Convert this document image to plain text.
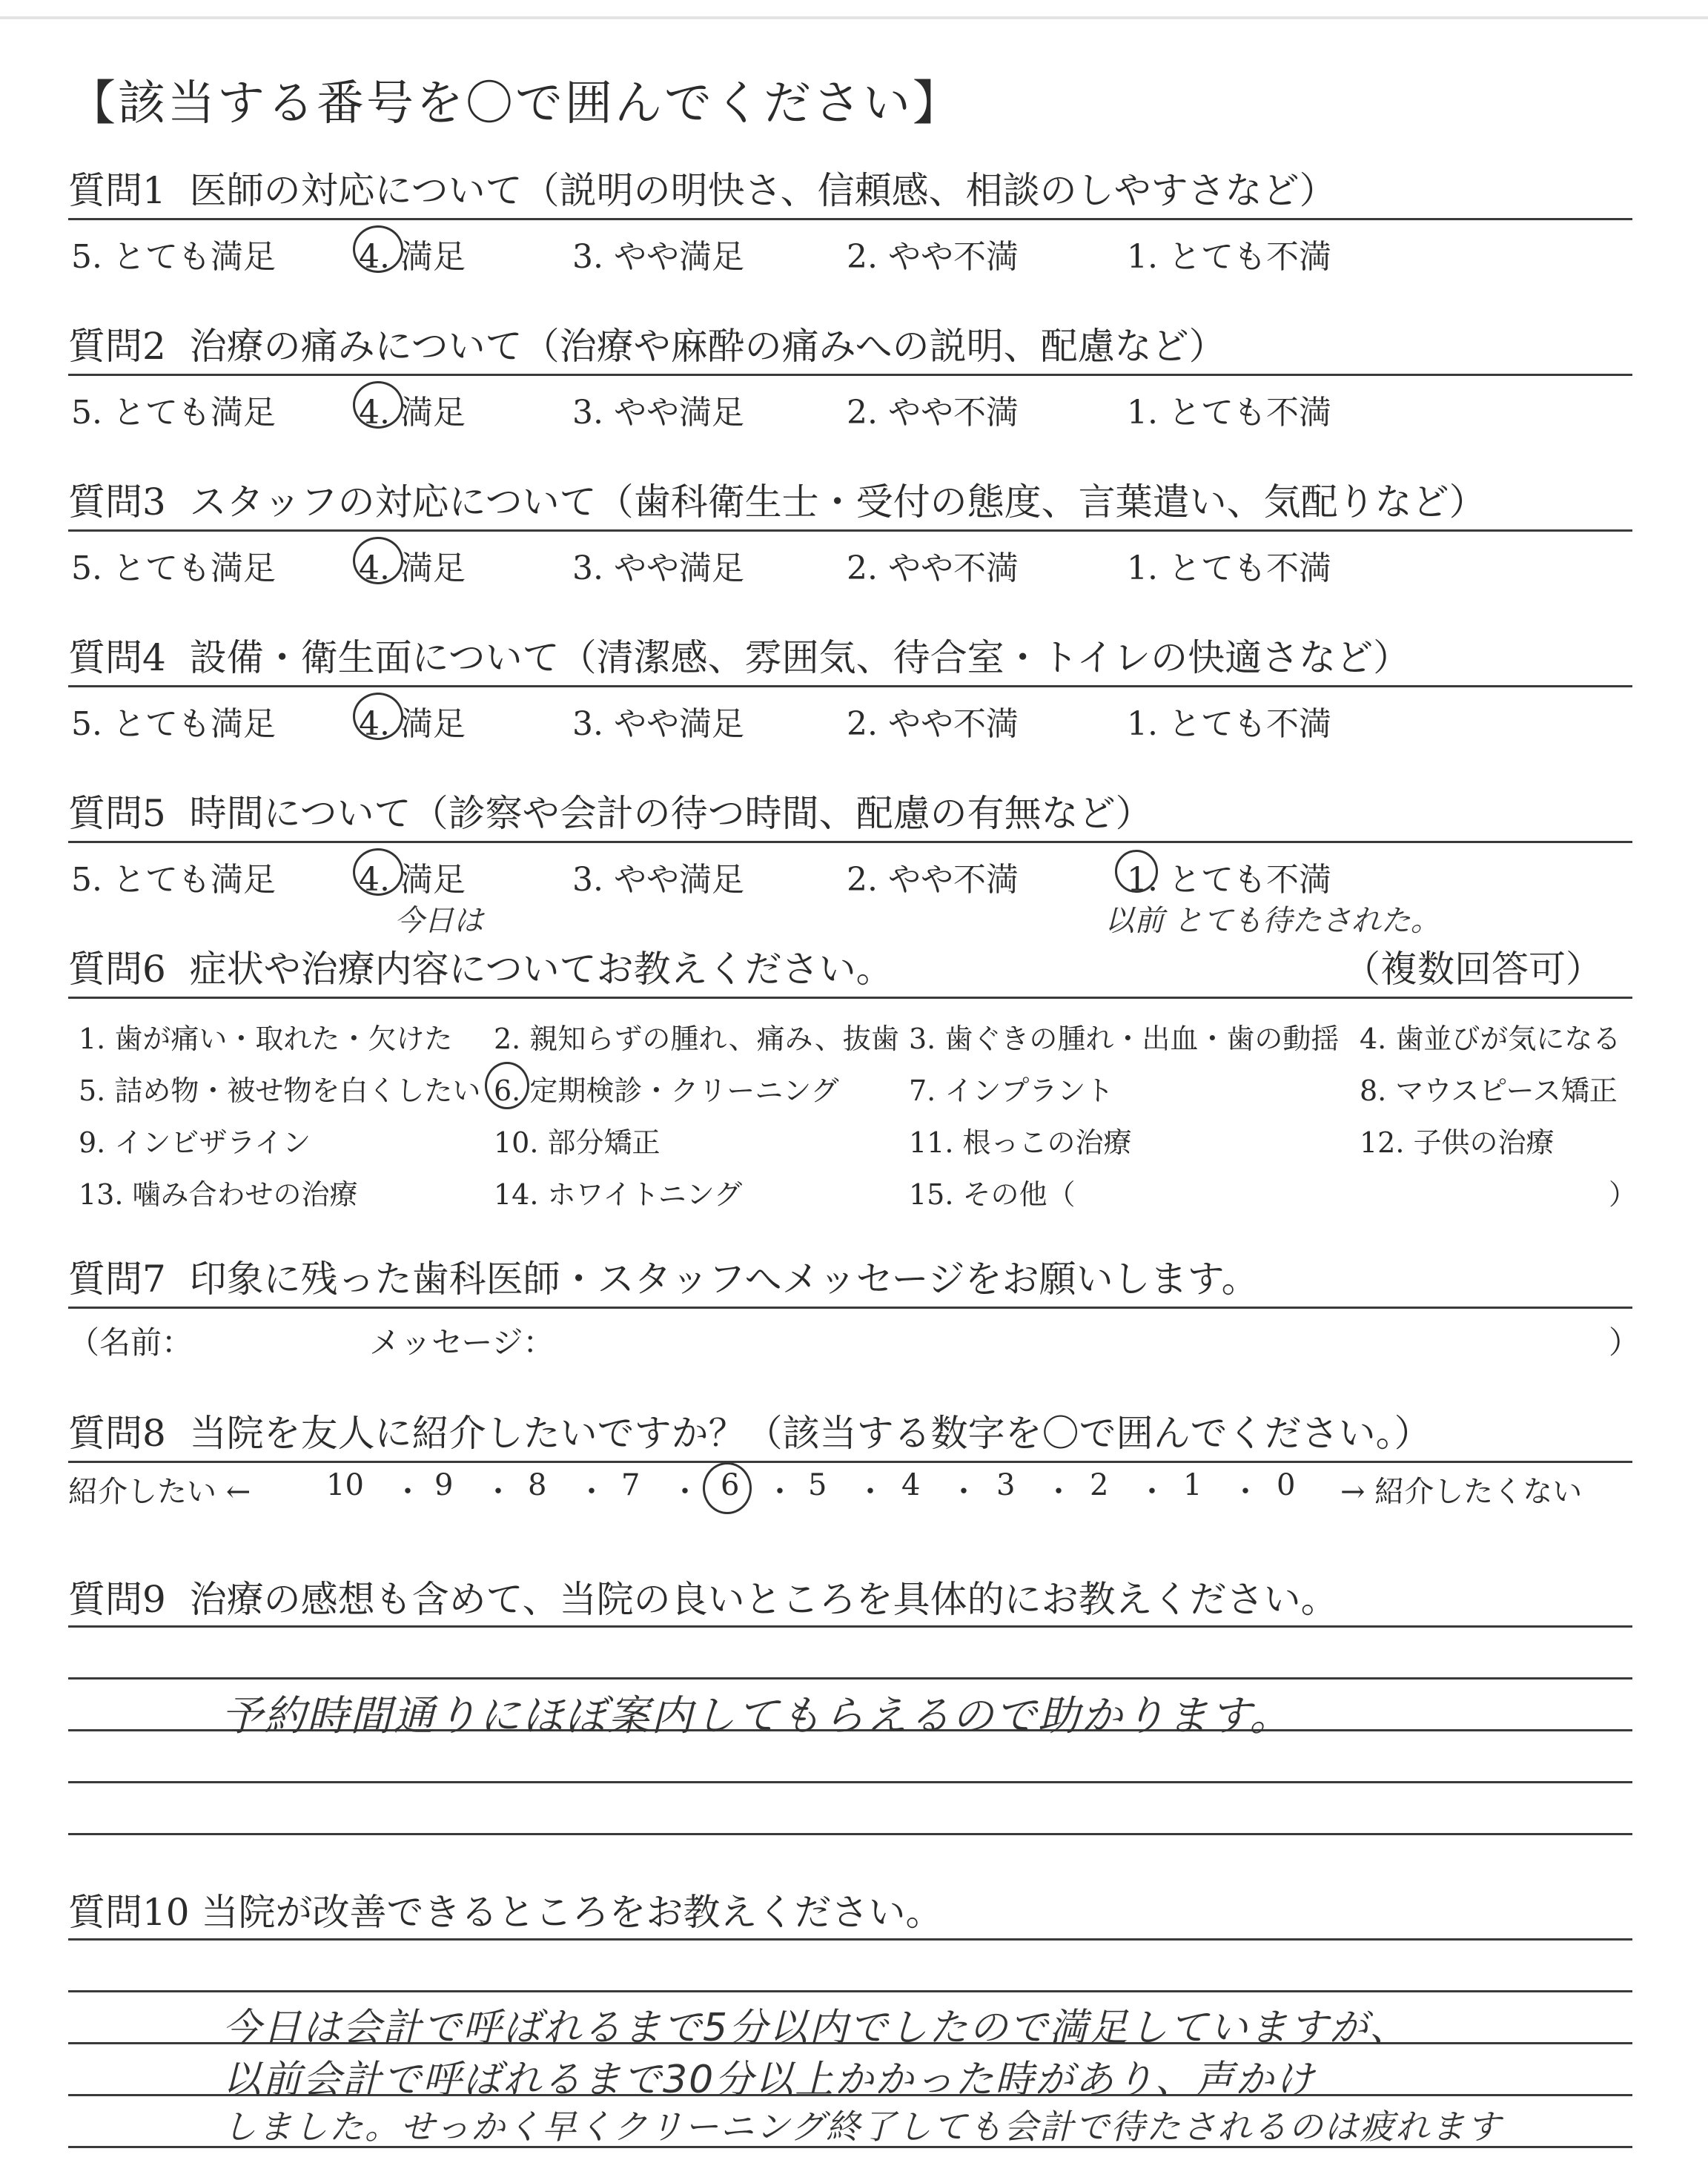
【該当する番号を〇で囲んでください】
質問1 医師の対応について（説明の明快さ、信頼感、相談のしやすさなど）
5. とても満足	4. 満足	3. やや満足	2. やや不満	1. とても不満
質問2 治療の痛みについて（治療や麻酔の痛みへの説明、配慮など）
5. とても満足	4. 満足	3. やや満足	2. やや不満	1. とても不満
質問3 スタッフの対応について（歯科衛生士・受付の態度、言葉遣い、気配りなど）
5. とても満足	4. 満足	3. やや満足	2. やや不満	1. とても不満
質問4 設備・衛生面について（清潔感、雰囲気、待合室・トイレの快適さなど）
5. とても満足	4. 満足	3. やや満足	2. やや不満	1. とても不満
質問5 時間について（診察や会計の待つ時間、配慮の有無など）
5. とても満足	4. 満足	3. やや満足	2. やや不満	1. とても不満
今日は	以前 とても待たされた。
質問6 症状や治療内容についてお教えください。	（複数回答可）
1. 歯が痛い・取れた・欠けた 2. 親知らずの腫れ、痛み、抜歯 3. 歯ぐきの腫れ・出血・歯の動揺 4. 歯並びが気になる
5. 詰め物・被せ物を白くしたい 6. 定期検診・クリーニング 7. インプラント	8. マウスピース矯正
9. インビザライン	10. 部分矯正	11. 根っこの治療	12. 子供の治療
13. 噛み合わせの治療	14. ホワイトニング	15. その他（	）
質問7 印象に残った歯科医師・スタッフへメッセージをお願いします。
（名前：	メッセージ：	）
質問8 当院を友人に紹介したいですか？（該当する数字を〇で囲んでください。）
紹介したい ←	10 ・ 9 ・ 8 ・ 7 ・ 6 ・ 5 ・ 4 ・ 3 ・ 2 ・ 1 ・ 0 → 紹介したくない
質問9 治療の感想も含めて、当院の良いところを具体的にお教えください。
予約時間通りにほぼ案内してもらえるので助かります。
質問10 当院が改善できるところをお教えください。
今日は会計で呼ばれるまで5分以内でしたので満足していますが、
以前会計で呼ばれるまで30分以上かかった時があり、声かけ
しました。せっかく早くクリーニング終了しても会計で待たされるのは疲れます
